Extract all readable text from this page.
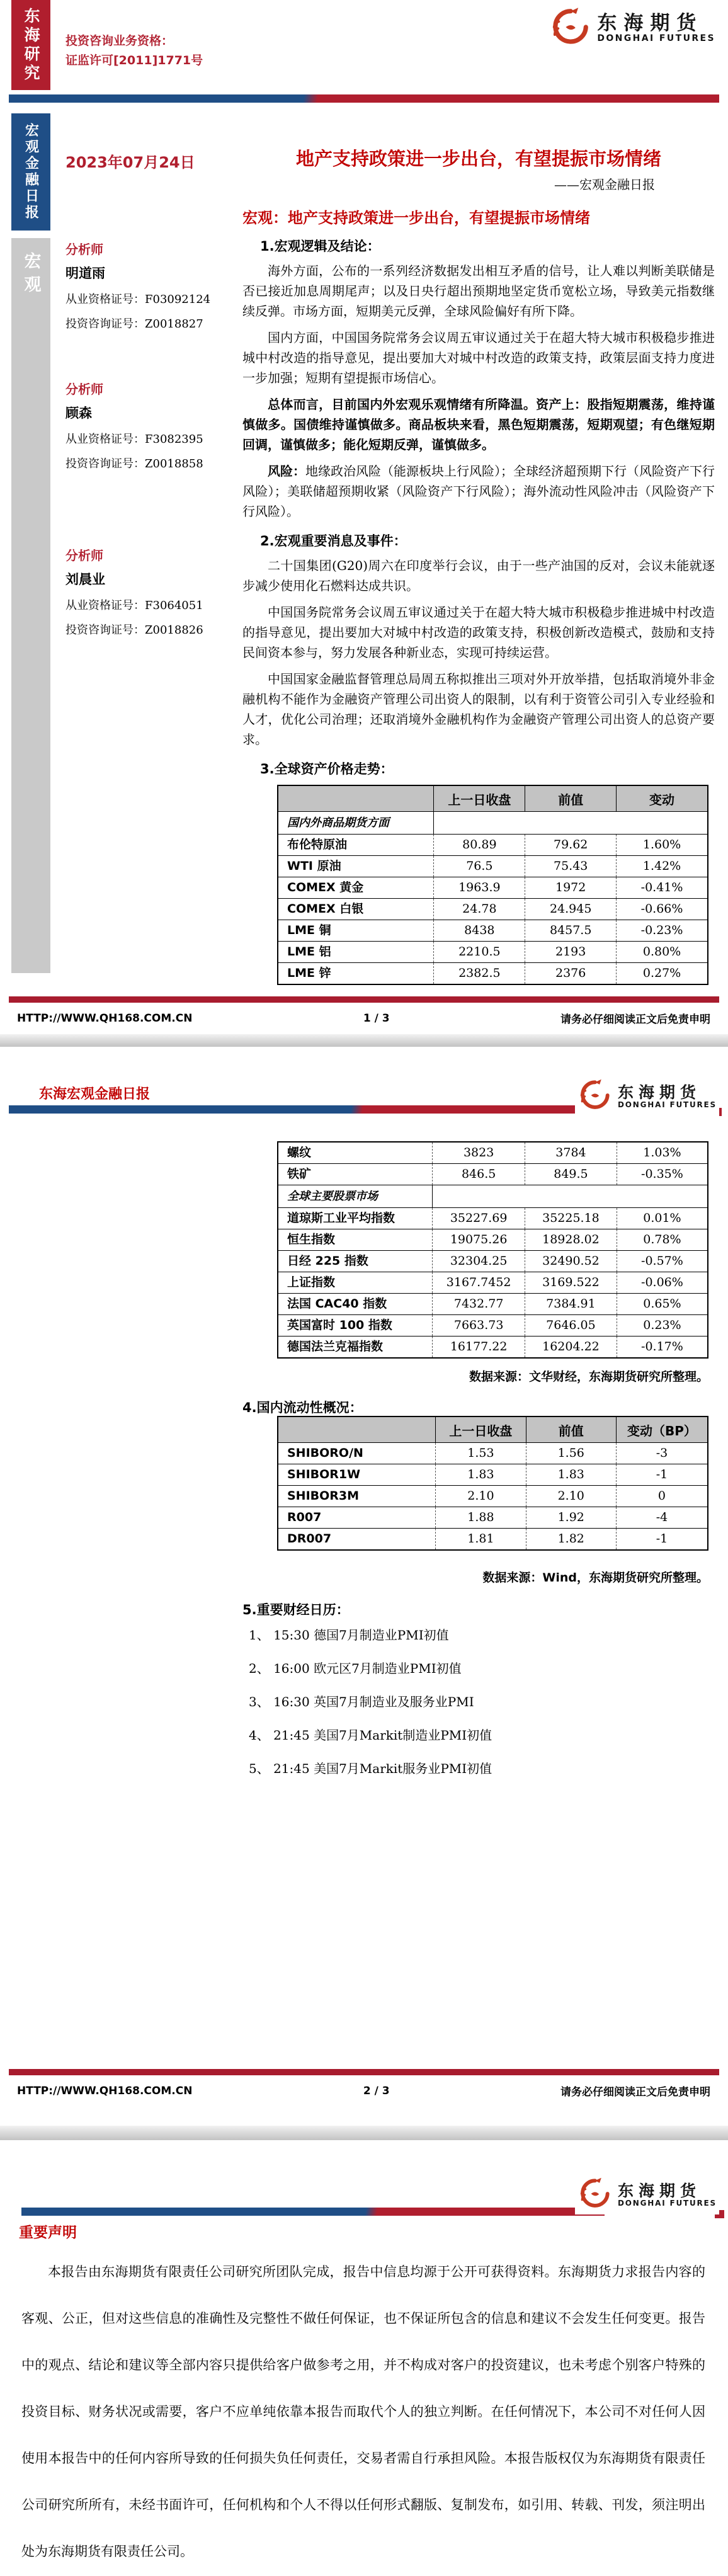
东海研究 投资咨询业务资格：
证监许可[2011]1771号
东海期货
DONGHAI FUTURES
宏观金融日报
宏观
2023年07月24日
分析师
明道雨
从业资格证号：F03092124
投资咨询证号：Z0018827
分析师
顾森
从业资格证号：F3082395
投资咨询证号：Z0018858
分析师
刘晨业
从业资格证号：F3064051
投资咨询证号：Z0018826
地产支持政策进一步出台，有望提振市场情绪
——宏观金融日报
宏观：地产支持政策进一步出台，有望提振市场情绪
1.宏观逻辑及结论：

海外方面，公布的一系列经济数据发出相互矛盾的信号，让人难以判断美联储是否已接近加息周期尾声；以及日央行超出预期地坚定货币宽松立场，导致美元指数继续反弹。市场方面，短期美元反弹，全球风险偏好有所下降。

国内方面，中国国务院常务会议周五审议通过关于在超大特大城市积极稳步推进城中村改造的指导意见，提出要加大对城中村改造的政策支持，政策层面支持力度进一步加强；短期有望提振市场信心。

总体而言，目前国内外宏观乐观情绪有所降温。资产上：股指短期震荡，维持谨慎做多。国债维持谨慎做多。商品板块来看，黑色短期震荡，短期观望；有色继短期回调，谨慎做多；能化短期反弹，谨慎做多。

风险：地缘政治风险（能源板块上行风险）；全球经济超预期下行（风险资产下行风险）；美联储超预期收紧（风险资产下行风险）；海外流动性风险冲击（风险资产下行风险）。

2.宏观重要消息及事件：

二十国集团(G20)周六在印度举行会议，由于一些产油国的反对，会议未能就逐步减少使用化石燃料达成共识。

中国国务院常务会议周五审议通过关于在超大特大城市积极稳步推进城中村改造的指导意见，提出要加大对城中村改造的政策支持，积极创新改造模式，鼓励和支持民间资本参与，努力发展各种新业态，实现可持续运营。

中国国家金融监督管理总局周五称拟推出三项对外开放举措，包括取消境外非金融机构不能作为金融资产管理公司出资人的限制，以有利于资管公司引入专业经验和人才，优化公司治理；还取消境外金融机构作为金融资产管理公司出资人的总资产要求。

3.全球资产价格走势：
	上一日收盘	前值	变动
国内外商品期货方面			
布伦特原油	80.89	79.62	1.60%
WTI 原油	76.5	75.43	1.42%
COMEX 黄金	1963.9	1972	-0.41%
COMEX 白银	24.78	24.945	-0.66%
LME 铜	8438	8457.5	-0.23%
LME 铝	2210.5	2193	0.80%
LME 锌	2382.5	2376	0.27%
HTTP://WWW.QH168.COM.CN	1 / 3	请务必仔细阅读正文后免责申明
东海宏观金融日报	东海期货
DONGHAI FUTURES
螺纹	3823	3784	1.03%
铁矿	846.5	849.5	-0.35%
全球主要股票市场			
道琼斯工业平均指数	35227.69	35225.18	0.01%
恒生指数	19075.26	18928.02	0.78%
日经 225 指数	32304.25	32490.52	-0.57%
上证指数	3167.7452	3169.522	-0.06%
法国 CAC40 指数	7432.77	7384.91	0.65%
英国富时 100 指数	7663.73	7646.05	0.23%
德国法兰克福指数	16177.22	16204.22	-0.17%
数据来源：文华财经，东海期货研究所整理。
4.国内流动性概况：
	上一日收盘	前值	变动（BP）
SHIBORO/N	1.53	1.56	-3
SHIBOR1W	1.83	1.83	-1
SHIBOR3M	2.10	2.10	0
R007	1.88	1.92	-4
DR007	1.81	1.82	-1
数据来源：Wind，东海期货研究所整理。
5.重要财经日历：
1、 15:30 德国7月制造业PMI初值
2、 16:00 欧元区7月制造业PMI初值
3、 16:30 英国7月制造业及服务业PMI
4、 21:45 美国7月Markit制造业PMI初值
5、 21:45 美国7月Markit服务业PMI初值
HTTP://WWW.QH168.COM.CN	2 / 3	请务必仔细阅读正文后免责申明
东海期货
DONGHAI FUTURES
重要声明
本报告由东海期货有限责任公司研究所团队完成，报告中信息均源于公开可获得资料。东海期货力求报告内容的客观、公正，但对这些信息的准确性及完整性不做任何保证，也不保证所包含的信息和建议不会发生任何变更。报告中的观点、结论和建议等全部内容只提供给客户做参考之用，并不构成对客户的投资建议，也未考虑个别客户特殊的投资目标、财务状况或需要，客户不应单纯依靠本报告而取代个人的独立判断。在任何情况下，本公司不对任何人因使用本报告中的任何内容所导致的任何损失负任何责任，交易者需自行承担风险。本报告版权仅为东海期货有限责任公司研究所所有，未经书面许可，任何机构和个人不得以任何形式翻版、复制发布，如引用、转载、刊发，须注明出处为东海期货有限责任公司。
